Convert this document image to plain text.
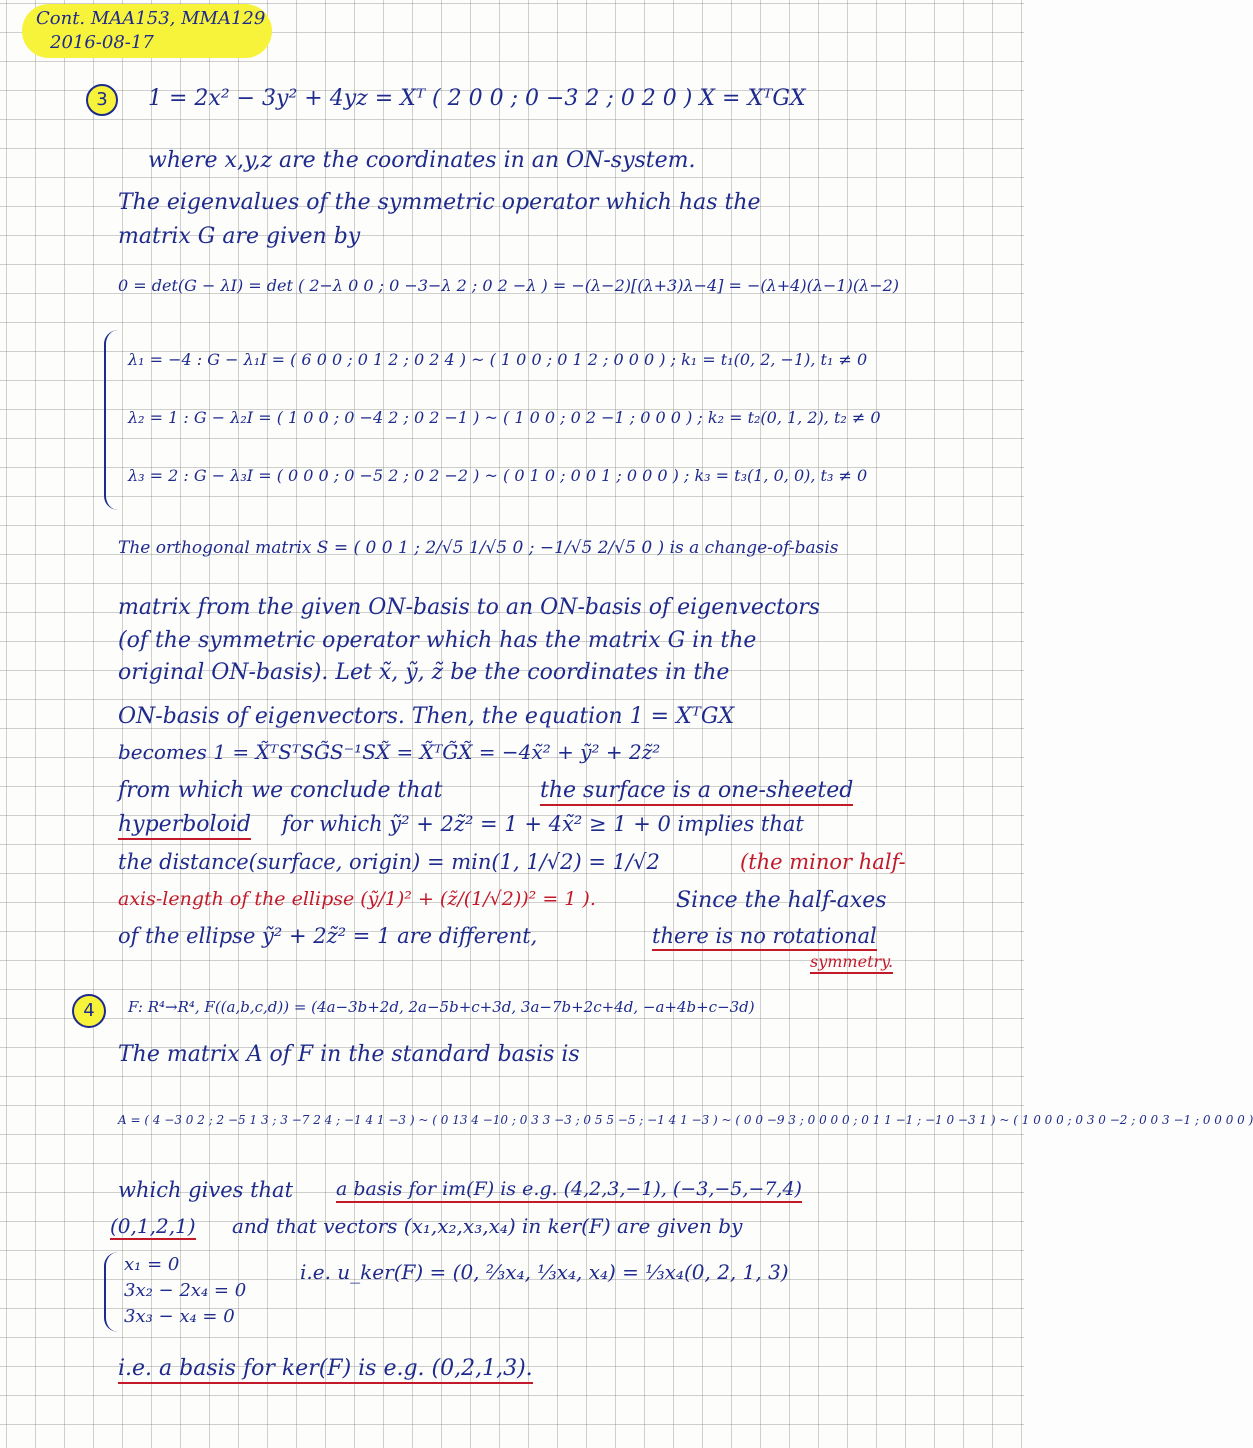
Cont. MAA153, MMA129
2016-08-17
3	1 = 2x² − 3y² + 4yz = Xᵀ ( 2 0 0 ; 0 −3 2 ; 0 2 0 ) X = XᵀGX
where x,y,z are the coordinates in an ON-system.
The eigenvalues of the symmetric operator which has the
matrix G are given by
0 = det(G − λI) = det ( 2−λ 0 0 ; 0 −3−λ 2 ; 0 2 −λ ) = −(λ−2)[(λ+3)λ−4] = −(λ+4)(λ−1)(λ−2)
λ₁ = −4 : G − λ₁I = ( 6 0 0 ; 0 1 2 ; 0 2 4 ) ~ ( 1 0 0 ; 0 1 2 ; 0 0 0 ) ; k₁ = t₁(0, 2, −1), t₁ ≠ 0
λ₂ = 1 : G − λ₂I = ( 1 0 0 ; 0 −4 2 ; 0 2 −1 ) ~ ( 1 0 0 ; 0 2 −1 ; 0 0 0 ) ; k₂ = t₂(0, 1, 2), t₂ ≠ 0
λ₃ = 2 : G − λ₃I = ( 0 0 0 ; 0 −5 2 ; 0 2 −2 ) ~ ( 0 1 0 ; 0 0 1 ; 0 0 0 ) ; k₃ = t₃(1, 0, 0), t₃ ≠ 0
The orthogonal matrix S = ( 0 0 1 ; 2/√5 1/√5 0 ; −1/√5 2/√5 0 ) is a change-of-basis
matrix from the given ON-basis to an ON-basis of eigenvectors
(of the symmetric operator which has the matrix G in the
original ON-basis). Let x̃, ỹ, z̃ be the coordinates in the
ON-basis of eigenvectors. Then, the equation 1 = XᵀGX
becomes 1 = X̃ᵀSᵀSG̃S⁻¹SX̃ = X̃ᵀG̃X̃ = −4x̃² + ỹ² + 2z̃²
from which we conclude that	the surface is a one-sheeted
hyperboloid for which ỹ² + 2z̃² = 1 + 4x̃² ≥ 1 + 0 implies that
the distance(surface, origin) = min(1, 1/√2) = 1/√2	(the minor half-
axis-length of the ellipse (ỹ/1)² + (z̃/(1/√2))² = 1 ).	Since the half-axes
of the ellipse ỹ² + 2z̃² = 1 are different,	there is no rotational
symmetry.
4	F: R⁴→R⁴, F((a,b,c,d)) = (4a−3b+2d, 2a−5b+c+3d, 3a−7b+2c+4d, −a+4b+c−3d)
The matrix A of F in the standard basis is
A = ( 4 −3 0 2 ; 2 −5 1 3 ; 3 −7 2 4 ; −1 4 1 −3 ) ~ ( 0 13 4 −10 ; 0 3 3 −3 ; 0 5 5 −5 ; −1 4 1 −3 ) ~ ( 0 0 −9 3 ; 0 0 0 0 ; 0 1 1 −1 ; −1 0 −3 1 ) ~ ( 1 0 0 0 ; 0 3 0 −2 ; 0 0 3 −1 ; 0 0 0 0 )
which gives that a basis for im(F) is e.g. (4,2,3,−1), (−3,−5,−7,4)
(0,1,2,1) and that vectors (x₁,x₂,x₃,x₄) in ker(F) are given by
x₁ = 0
3x₂ − 2x₄ = 0
3x₃ − x₄ = 0
i.e. u_ker(F) = (0, ⅔x₄, ⅓x₄, x₄) = ⅓x₄(0, 2, 1, 3)
i.e. a basis for ker(F) is e.g. (0,2,1,3).
